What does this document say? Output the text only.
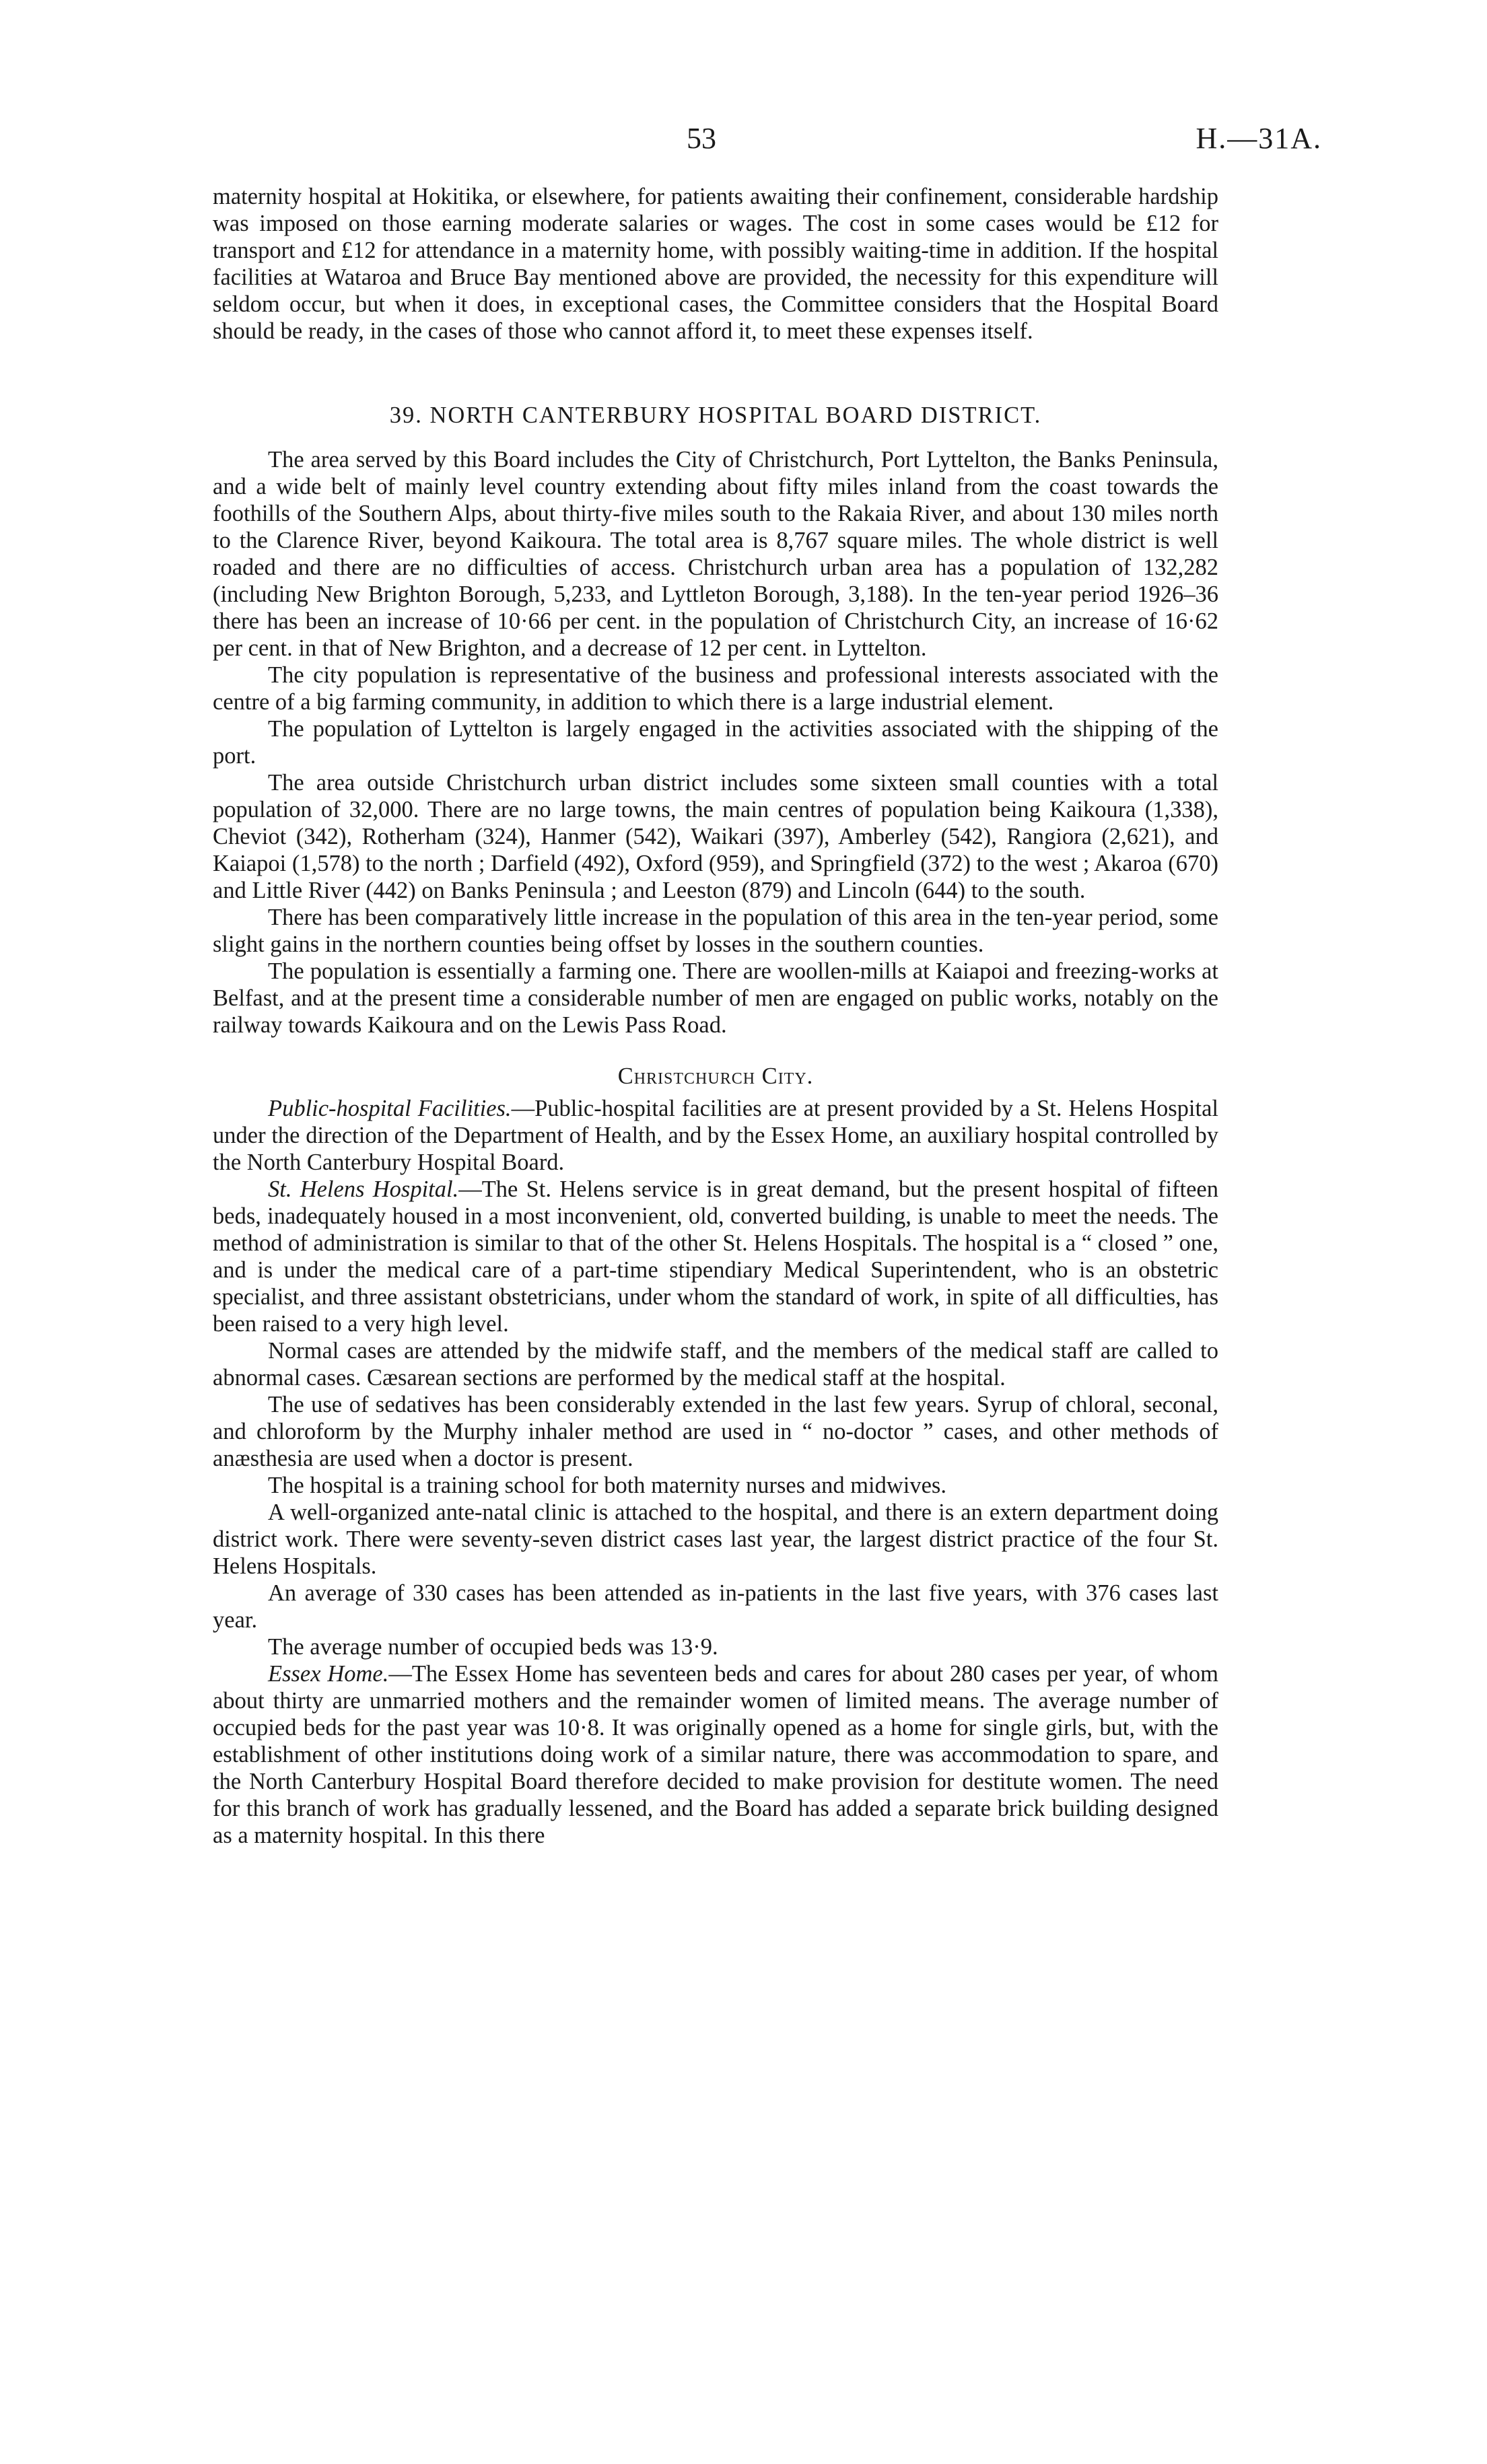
53	H.—31A.

maternity hospital at Hokitika, or elsewhere, for patients awaiting their confinement, considerable hardship was imposed on those earning moderate salaries or wages. The cost in some cases would be £12 for transport and £12 for attendance in a maternity home, with possibly waiting-time in addition. If the hospital facilities at Wataroa and Bruce Bay mentioned above are provided, the necessity for this expenditure will seldom occur, but when it does, in exceptional cases, the Committee considers that the Hospital Board should be ready, in the cases of those who cannot afford it, to meet these expenses itself.

39. NORTH CANTERBURY HOSPITAL BOARD DISTRICT.

The area served by this Board includes the City of Christchurch, Port Lyttelton, the Banks Peninsula, and a wide belt of mainly level country extending about fifty miles inland from the coast towards the foothills of the Southern Alps, about thirty-five miles south to the Rakaia River, and about 130 miles north to the Clarence River, beyond Kaikoura. The total area is 8,767 square miles. The whole district is well roaded and there are no difficulties of access. Christchurch urban area has a population of 132,282 (including New Brighton Borough, 5,233, and Lyttleton Borough, 3,188). In the ten-year period 1926–36 there has been an increase of 10·66 per cent. in the population of Christchurch City, an increase of 16·62 per cent. in that of New Brighton, and a decrease of 12 per cent. in Lyttelton.

The city population is representative of the business and professional interests associated with the centre of a big farming community, in addition to which there is a large industrial element.

The population of Lyttelton is largely engaged in the activities associated with the shipping of the port.

The area outside Christchurch urban district includes some sixteen small counties with a total population of 32,000. There are no large towns, the main centres of population being Kaikoura (1,338), Cheviot (342), Rotherham (324), Hanmer (542), Waikari (397), Amberley (542), Rangiora (2,621), and Kaiapoi (1,578) to the north ; Darfield (492), Oxford (959), and Springfield (372) to the west ; Akaroa (670) and Little River (442) on Banks Peninsula ; and Leeston (879) and Lincoln (644) to the south.

There has been comparatively little increase in the population of this area in the ten-year period, some slight gains in the northern counties being offset by losses in the southern counties.

The population is essentially a farming one. There are woollen-mills at Kaiapoi and freezing-works at Belfast, and at the present time a considerable number of men are engaged on public works, notably on the railway towards Kaikoura and on the Lewis Pass Road.

Christchurch City.

Public-hospital Facilities.—Public-hospital facilities are at present provided by a St. Helens Hospital under the direction of the Department of Health, and by the Essex Home, an auxiliary hospital controlled by the North Canterbury Hospital Board.

St. Helens Hospital.—The St. Helens service is in great demand, but the present hospital of fifteen beds, inadequately housed in a most inconvenient, old, converted building, is unable to meet the needs. The method of administration is similar to that of the other St. Helens Hospitals. The hospital is a “ closed ” one, and is under the medical care of a part-time stipendiary Medical Superintendent, who is an obstetric specialist, and three assistant obstetricians, under whom the standard of work, in spite of all difficulties, has been raised to a very high level.

Normal cases are attended by the midwife staff, and the members of the medical staff are called to abnormal cases. Cæsarean sections are performed by the medical staff at the hospital.

The use of sedatives has been considerably extended in the last few years. Syrup of chloral, seconal, and chloroform by the Murphy inhaler method are used in “ no-doctor ” cases, and other methods of anæsthesia are used when a doctor is present.

The hospital is a training school for both maternity nurses and midwives.

A well-organized ante-natal clinic is attached to the hospital, and there is an extern department doing district work. There were seventy-seven district cases last year, the largest district practice of the four St. Helens Hospitals.

An average of 330 cases has been attended as in-patients in the last five years, with 376 cases last year.

The average number of occupied beds was 13·9.

Essex Home.—The Essex Home has seventeen beds and cares for about 280 cases per year, of whom about thirty are unmarried mothers and the remainder women of limited means. The average number of occupied beds for the past year was 10·8. It was originally opened as a home for single girls, but, with the establishment of other institutions doing work of a similar nature, there was accommodation to spare, and the North Canterbury Hospital Board therefore decided to make provision for destitute women. The need for this branch of work has gradually lessened, and the Board has added a separate brick building designed as a maternity hospital. In this there
